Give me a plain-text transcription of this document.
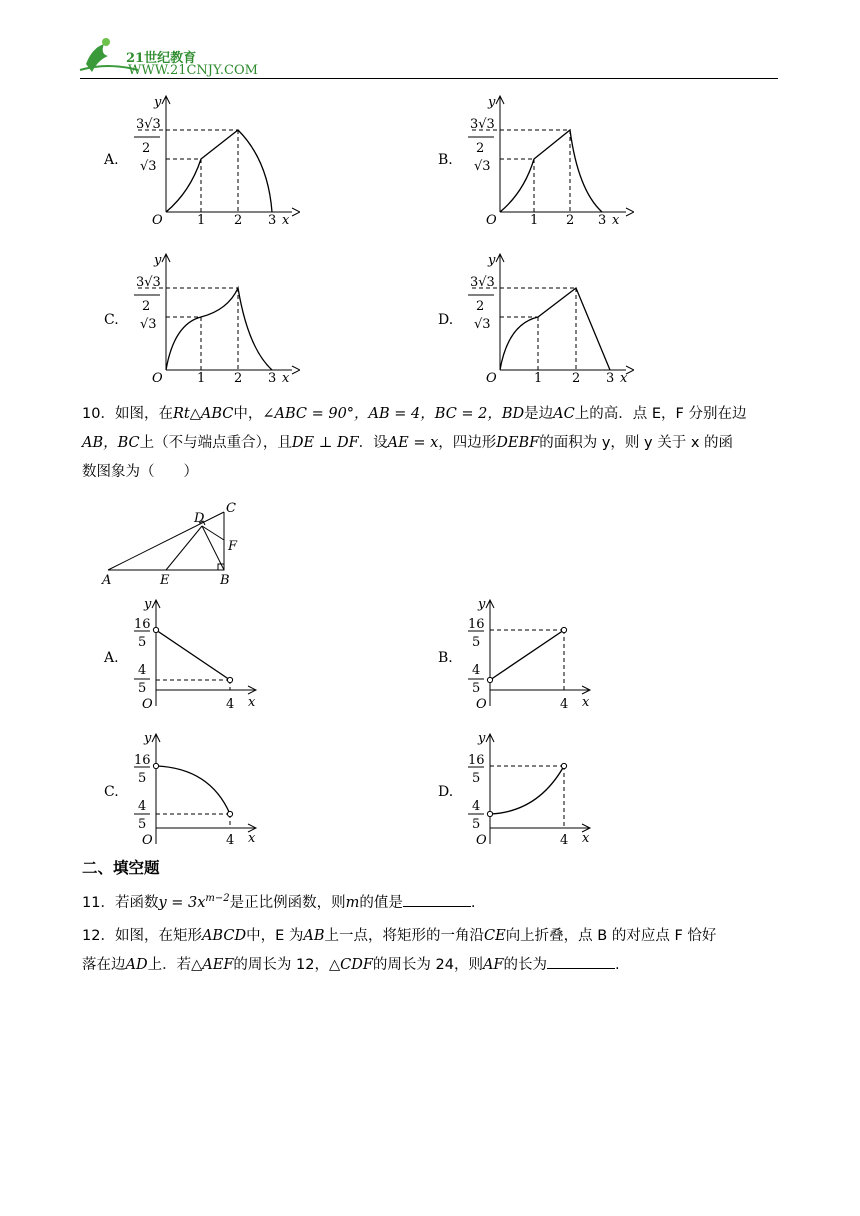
21世纪教育
WWW.21CNJY.COM
A.	B.
C.	D.
3√3
2
√3
O	1 2 3 x
y
3√3
2
√3
O	1 2 3 x
y
3√3
2
√3
O	1 2 3 x
y
3√3
2
√3
O	1 2 3 x
y
10．如图，在Rt△ABC中，∠ABC = 90°，AB = 4，BC = 2，BD是边AC上的高．点 E，F 分别在边
AB，BC上（不与端点重合），且DE ⊥ DF．设AE = x，四边形DEBF的面积为 y，则 y 关于 x 的函
数图象为（　　）
A	E	B
C
D
F
A.	B.
C.	D.
16
5
4
5
O	4 x
y
16
5
4
5
O	4 x
y
16
5
4
5
O	4 x
y
16
5
4
5
O	4 x
y
二、填空题
11．若函数$y = 3x^{m-2}$是正比例函数，则m的值是	.
12．如图，在矩形ABCD中，E 为AB上一点，将矩形的一角沿CE向上折叠，点 B 的对应点 F 恰好
落在边AD上．若△AEF的周长为 12，△CDF的周长为 24，则AF的长为	.
